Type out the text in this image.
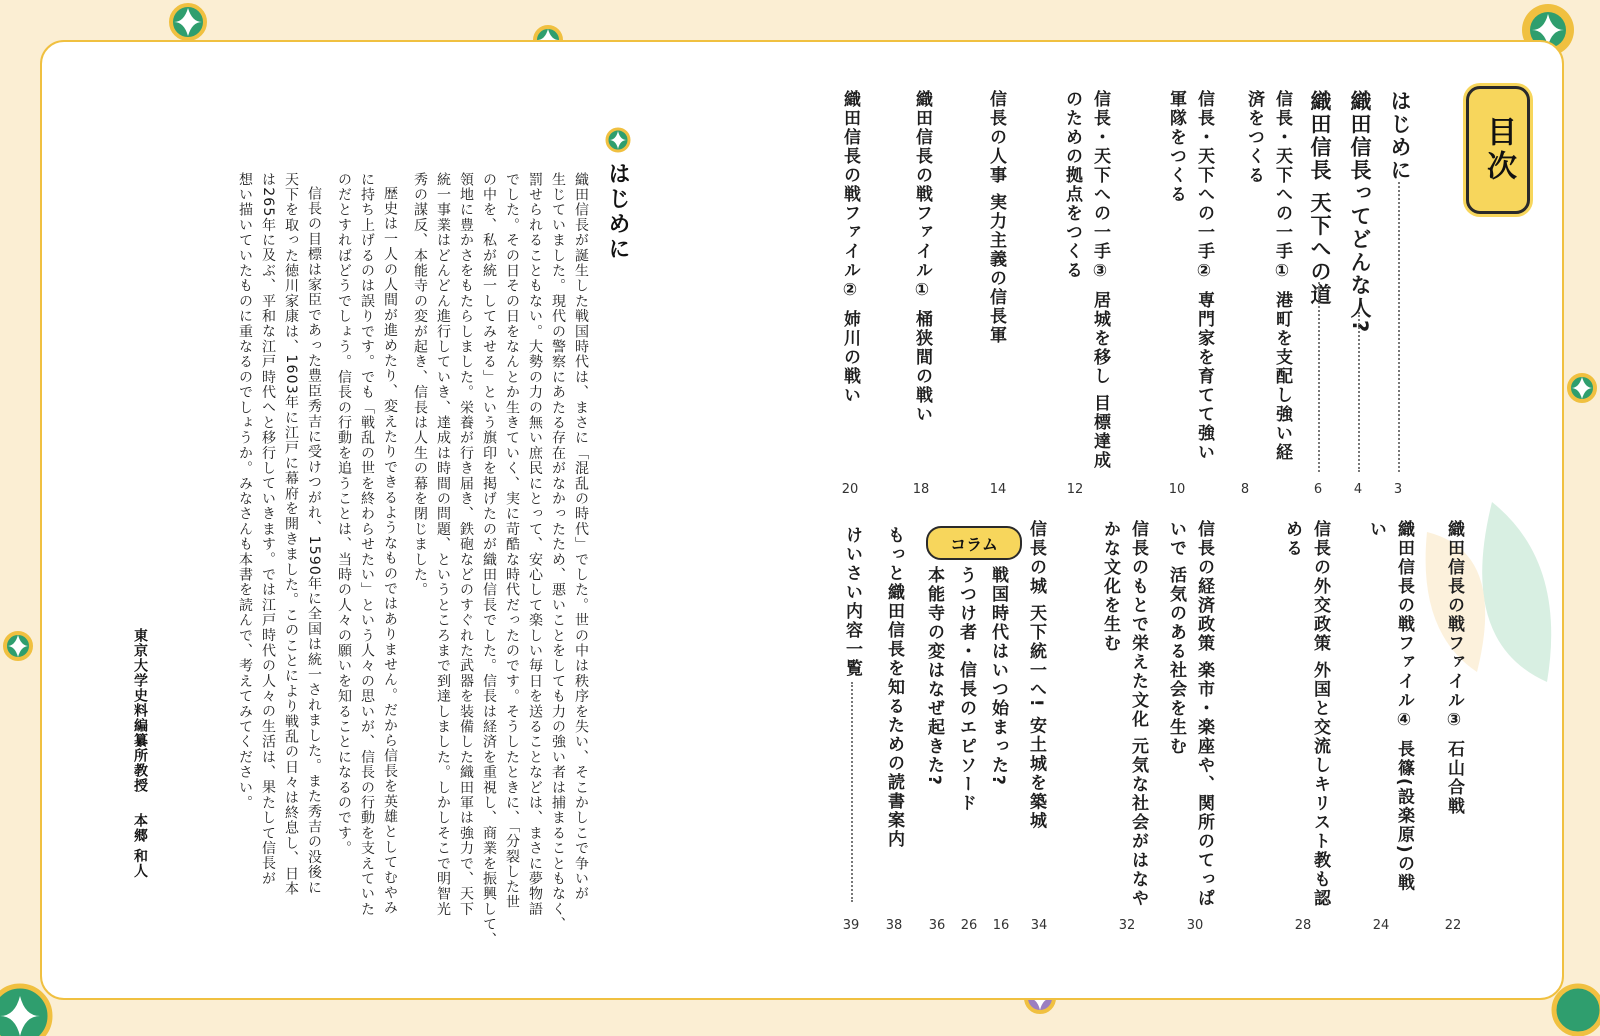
目次
はじめに
3
織田信長ってどんな人?
4
織田信長 天下への道
6
信長・天下への一手① 港町を支配し強い経済をつくる
8
信長・天下への一手② 専門家を育てて強い軍隊をつくる
10
信長・天下への一手③ 居城を移し 目標達成のための拠点をつくる
12
信長の人事 実力主義の信長軍
14
織田信長の戦ファイル① 桶狭間の戦い
18
織田信長の戦ファイル② 姉川の戦い
20
織田信長の戦ファイル③ 石山合戦
22
織田信長の戦ファイル④ 長篠(設楽原)の戦い
24
信長の外交政策 外国と交流しキリスト教も認める
28
信長の経済政策 楽市・楽座や、関所のてっぱいで 活気のある社会を生む
30
信長のもとで栄えた文化 元気な社会がはなやかな文化を生む
32
信長の城 天下統一へ! 安土城を築城
34
コラム
戦国時代はいつ始まった?
16
うつけ者・信長のエピソード
26
本能寺の変はなぜ起きた?
36
もっと織田信長を知るための読書案内
38
けいさい内容一覧
39
はじめに
織田信長が誕生した戦国時代は、まさに「混乱の時代」でした。世の中は秩序を失い、そこかしこで争いが
生じていました。現代の警察にあたる存在がなかったため、悪いことをしても力の強い者は捕まることもなく、
罰せられることもない。大勢の力の無い庶民にとって、安心して楽しい毎日を送ることなどは、まさに夢物語
でした。その日その日をなんとか生きていく、実に苛酷な時代だったのです。そうしたときに、「分裂した世
の中を、私が統一してみせる」という旗印を掲げたのが織田信長でした。信長は経済を重視し、商業を振興して、
領地に豊かさをもたらしました。栄養が行き届き、鉄砲などのすぐれた武器を装備した織田軍は強力で、天下
統一事業はどんどん進行していき、達成は時間の問題、というところまで到達しました。しかしそこで明智光
秀の謀反、本能寺の変が起き、信長は人生の幕を閉じました。
歴史は一人の人間が進めたり、変えたりできるようなものではありません。だから信長を英雄としてむやみ
に持ち上げるのは誤りです。でも「戦乱の世を終わらせたい」という人々の思いが、信長の行動を支えていた
のだとすればどうでしょう。信長の行動を追うことは、当時の人々の願いを知ることになるのです。
信長の目標は家臣であった豊臣秀吉に受けつがれ、1590年に全国は統一されました。また秀吉の没後に
天下を取った徳川家康は、1603年に江戸に幕府を開きました。このことにより戦乱の日々は終息し、日本
は265年に及ぶ、平和な江戸時代へと移行していきます。では江戸時代の人々の生活は、果たして信長が
想い描いていたものに重なるのでしょうか。みなさんも本書を読んで、考えてみてください。
東京大学史料編纂所教授 本郷 和人
